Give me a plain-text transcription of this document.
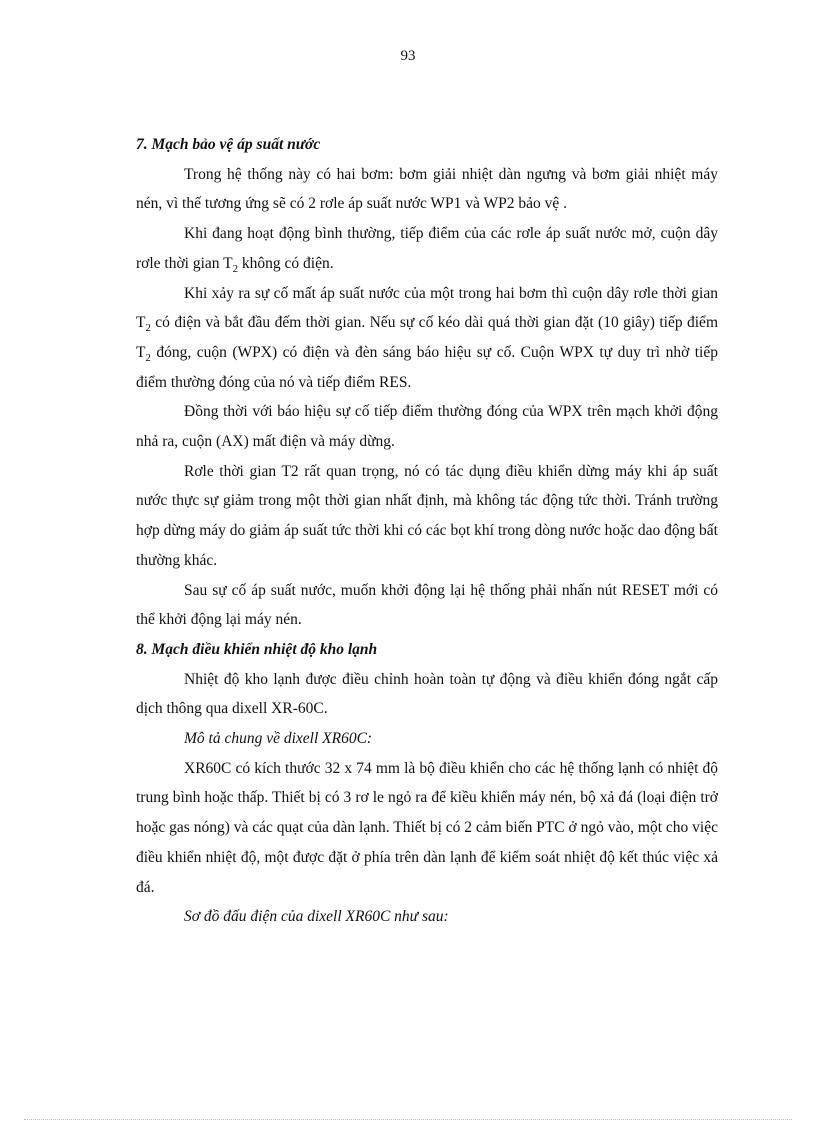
93

7. Mạch bảo vệ áp suất nước

Trong hệ thống này có hai bơm: bơm giải nhiệt dàn ngưng và bơm giải nhiệt máy nén, vì thế tương ứng sẽ có 2 rơle áp suất nước WP1 và WP2 bảo vệ .

Khi đang hoạt động bình thường, tiếp điểm của các rơle áp suất nước mở, cuộn dây rơle thời gian $T_2$ không có điện.

Khi xảy ra sự cố mất áp suất nước của một trong hai bơm thì cuộn dây rơle thời gian $T_2$ có điện và bắt đầu đếm thời gian. Nếu sự cố kéo dài quá thời gian đặt (10 giây) tiếp điểm $T_2$ đóng, cuộn (WPX) có điện và đèn sáng báo hiệu sự cố. Cuộn WPX tự duy trì nhờ tiếp điểm thường đóng của nó và tiếp điểm RES.

Đồng thời với báo hiệu sự cố tiếp điểm thường đóng của WPX trên mạch khởi động nhả ra, cuộn (AX) mất điện và máy dừng.

Rơle thời gian T2 rất quan trọng, nó có tác dụng điều khiển dừng máy khi áp suất nước thực sự giảm trong một thời gian nhất định, mà không tác động tức thời. Tránh trường hợp dừng máy do giảm áp suất tức thời khi có các bọt khí trong dòng nước hoặc dao động bất thường khác.

Sau sự cố áp suất nước, muốn khởi động lại hệ thống phải nhấn nút RESET mới có thể khởi động lại máy nén.

8. Mạch điều khiển nhiệt độ kho lạnh

Nhiệt độ kho lạnh được điều chỉnh hoàn toàn tự động và điều khiển đóng ngắt cấp dịch thông qua dixell XR-60C.

Mô tả chung về dixell XR60C:

XR60C có kích thước 32 x 74 mm là bộ điều khiển cho các hệ thống lạnh có nhiệt độ trung bình hoặc thấp. Thiết bị có 3 rơ le ngỏ ra để kiều khiển máy nén, bộ xả đá (loại điện trở hoặc gas nóng) và các quạt của dàn lạnh. Thiết bị có 2 cảm biến PTC ở ngỏ vào, một cho việc điều khiển nhiệt độ, một được đặt ở phía trên dàn lạnh để kiểm soát nhiệt độ kết thúc việc xả đá.

Sơ đồ đấu điện của dixell XR60C như sau:
